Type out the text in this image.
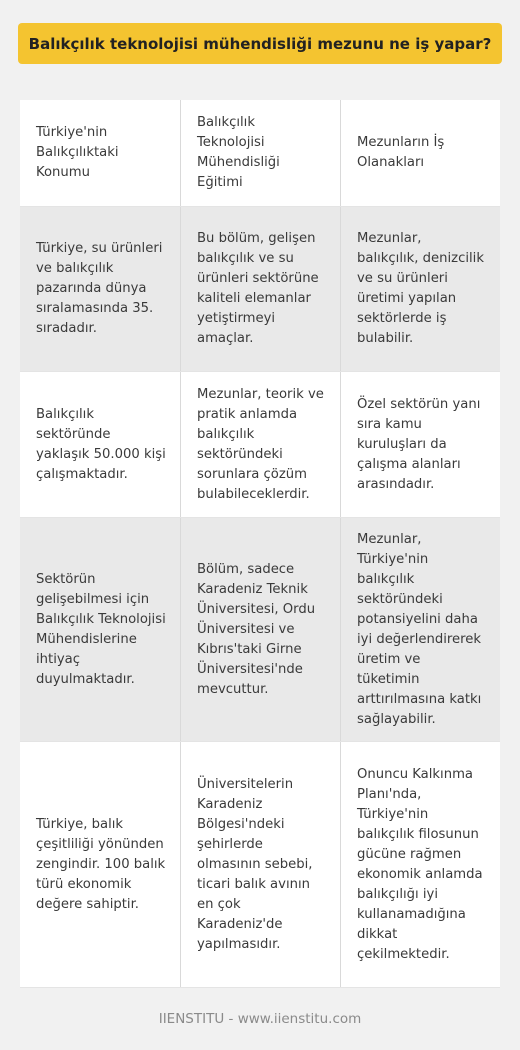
Balıkçılık teknolojisi mühendisliği mezunu ne iş yapar?
Türkiye'nin Balıkçılıktaki Konumu
Balıkçılık Teknolojisi Mühendisliği Eğitimi
Mezunların İş Olanakları
Türkiye, su ürünleri ve balıkçılık pazarında dünya sıralamasında 35. sıradadır.
Bu bölüm, gelişen balıkçılık ve su ürünleri sektörüne kaliteli elemanlar yetiştirmeyi amaçlar.
Mezunlar, balıkçılık, denizcilik ve su ürünleri üretimi yapılan sektörlerde iş bulabilir.
Balıkçılık sektöründe yaklaşık 50.000 kişi çalışmaktadır.
Mezunlar, teorik ve pratik anlamda balıkçılık sektöründeki sorunlara çözüm bulabileceklerdir.
Özel sektörün yanı sıra kamu kuruluşları da çalışma alanları arasındadır.
Sektörün gelişebilmesi için Balıkçılık Teknolojisi Mühendislerine ihtiyaç duyulmaktadır.
Bölüm, sadece Karadeniz Teknik Üniversitesi, Ordu Üniversitesi ve Kıbrıs'taki Girne Üniversitesi'nde mevcuttur.
Mezunlar, Türkiye'nin balıkçılık sektöründeki potansiyelini daha iyi değerlendirerek üretim ve tüketimin arttırılmasına katkı sağlayabilir.
Türkiye, balık çeşitliliği yönünden zengindir. 100 balık türü ekonomik değere sahiptir.
Üniversitelerin Karadeniz Bölgesi'ndeki şehirlerde olmasının sebebi, ticari balık avının en çok Karadeniz'de yapılmasıdır.
Onuncu Kalkınma Planı'nda, Türkiye'nin balıkçılık filosunun gücüne rağmen ekonomik anlamda balıkçılığı iyi kullanamadığına dikkat çekilmektedir.
IIENSTITU - www.iienstitu.com
